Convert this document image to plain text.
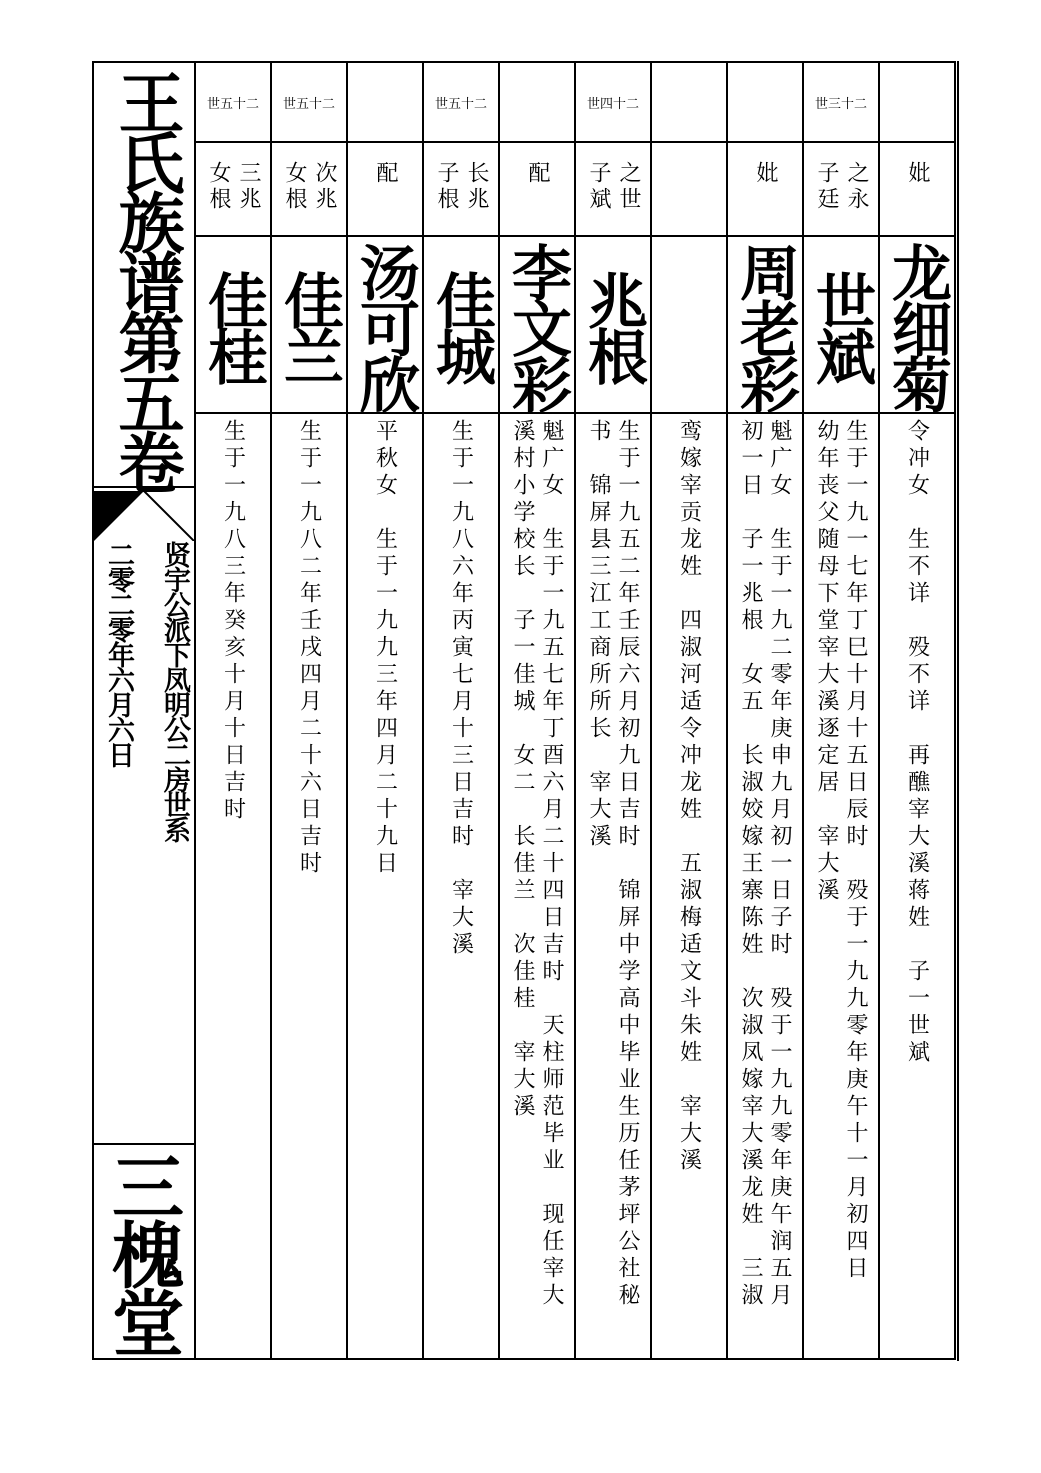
王氏族谱第五卷
贤宇公派下凤明公二房世系
二零二零年六月六日
三槐堂
世五十二
三兆
女根
佳桂
生于一九八三年癸亥十月十日吉时
世五十二
次兆
女根
佳兰
生于一九八二年壬戌四月二十六日吉时
配
汤可欣
平秋女　生于一九九三年四月二十九日
世五十二
长兆
子根
佳城
生于一九八六年丙寅七月十三日吉时　宰大溪
配
李文彩
魁广女　生于一九五七年丁酉六月二十四日吉时　天柱师范毕业　现任宰大
溪村小学校长　子一佳城　女二　长佳兰　次佳桂　宰大溪
世四十二
之世
子斌
兆根
生于一九五二年壬辰六月初九日吉时　锦屏中学高中毕业生历任茅坪公社秘
书　锦屏县三江工商所所长　宰大溪	鸾嫁宰贡龙姓　四淑河适令冲龙姓　五淑梅适文斗朱姓　宰大溪
妣
周老彩
魁广女　生于一九二零年庚申九月初一日子时　殁于一九九零年庚午润五月
初一日　子一兆根　女五　长淑姣嫁王寨陈姓　次淑凤嫁宰大溪龙姓　三淑
世三十二
之永
子廷
世斌
生于一九一七年丁巳十月十五日辰时　殁于一九九零年庚午十一月初四日
幼年丧父随母下堂宰大溪逐定居　宰大溪
妣
龙细菊
令冲女　生不详　殁不详　再醮宰大溪蒋姓　子一世斌
